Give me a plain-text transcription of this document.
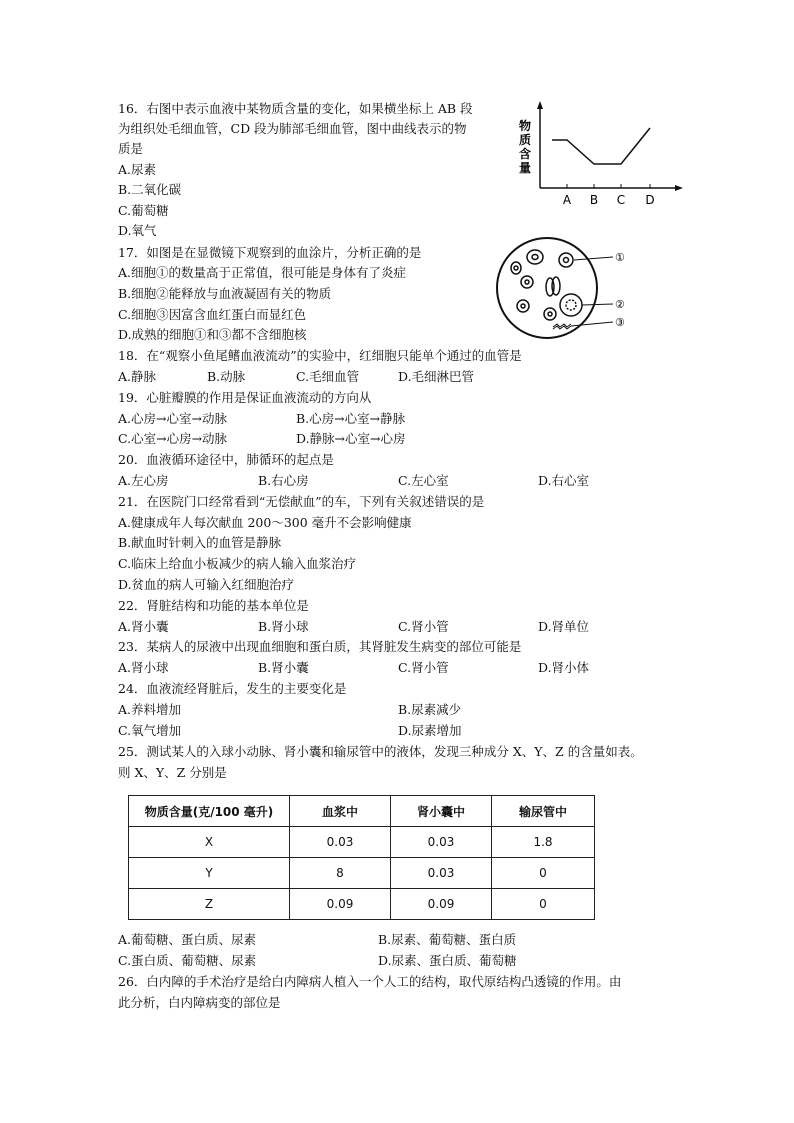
16．右图中表示血液中某物质含量的变化，如果横坐标上 AB 段
为组织处毛细血管，CD 段为肺部毛细血管，图中曲线表示的物
质是
A.尿素
B.二氧化碳
C.葡萄糖
D.氧气
物
质
含
量
A B C D
17．如图是在显微镜下观察到的血涂片，分析正确的是
A.细胞①的数量高于正常值，很可能是身体有了炎症
B.细胞②能释放与血液凝固有关的物质
C.细胞③因富含血红蛋白而显红色
D.成熟的细胞①和③都不含细胞核
①
②
③
18．在“观察小鱼尾鳍血液流动”的实验中，红细胞只能单个通过的血管是
A.静脉	B.动脉	C.毛细血管	D.毛细淋巴管
19．心脏瓣膜的作用是保证血液流动的方向从
A.心房→心室→动脉	B.心房→心室→静脉
C.心室→心房→动脉	D.静脉→心室→心房
20．血液循环途径中，肺循环的起点是
A.左心房	B.右心房	C.左心室	D.右心室
21．在医院门口经常看到“无偿献血”的车，下列有关叙述错误的是
A.健康成年人每次献血 200～300 毫升不会影响健康
B.献血时针刺入的血管是静脉
C.临床上给血小板减少的病人输入血浆治疗
D.贫血的病人可输入红细胞治疗
22．肾脏结构和功能的基本单位是
A.肾小囊	B.肾小球	C.肾小管	D.肾单位
23．某病人的尿液中出现血细胞和蛋白质，其肾脏发生病变的部位可能是
A.肾小球	B.肾小囊	C.肾小管	D.肾小体
24．血液流经肾脏后，发生的主要变化是
A.养料增加	B.尿素减少
C.氧气增加	D.尿素增加
25．测试某人的入球小动脉、肾小囊和输尿管中的液体，发现三种成分 X、Y、Z 的含量如表。
则 X、Y、Z 分别是
物质含量(克/100 毫升)	血浆中	肾小囊中	输尿管中
X	0.03	0.03	1.8
Y	8	0.03	0
Z	0.09	0.09	0
A.葡萄糖、蛋白质、尿素	B.尿素、葡萄糖、蛋白质
C.蛋白质、葡萄糖、尿素	D.尿素、蛋白质、葡萄糖
26．白内障的手术治疗是给白内障病人植入一个人工的结构，取代原结构凸透镜的作用。由
此分析，白内障病变的部位是
